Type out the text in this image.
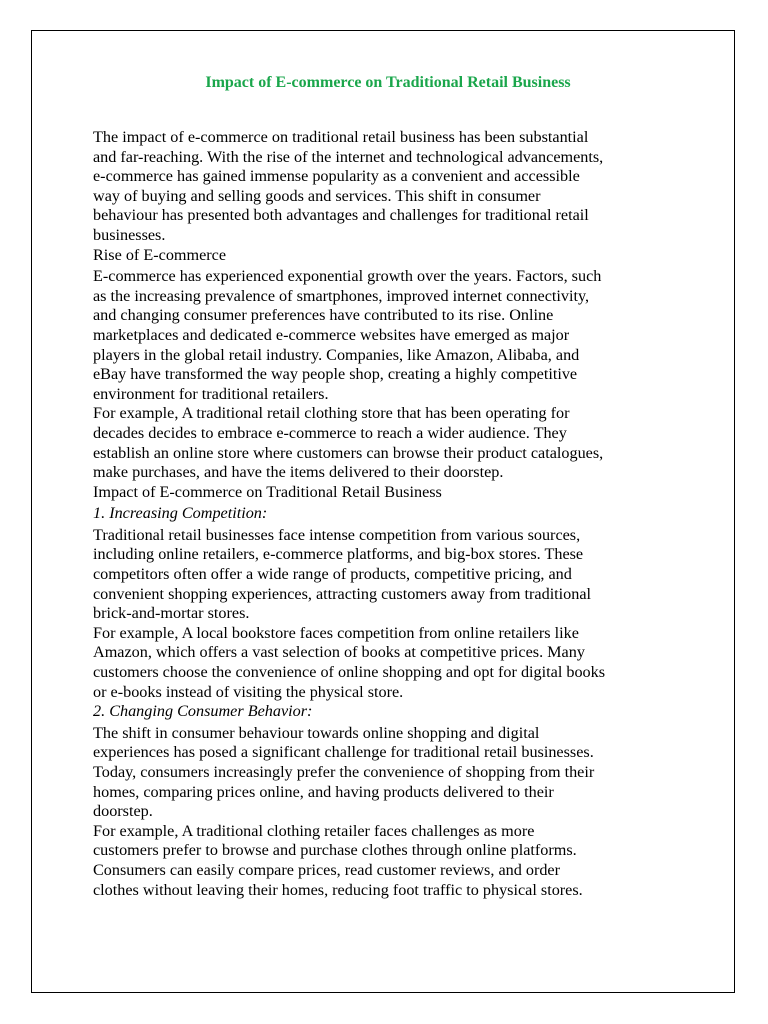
Impact of E-commerce on Traditional Retail Business

The impact of e-commerce on traditional retail business has been substantial
and far-reaching. With the rise of the internet and technological advancements,
e-commerce has gained immense popularity as a convenient and accessible
way of buying and selling goods and services. This shift in consumer
behaviour has presented both advantages and challenges for traditional retail
businesses.

Rise of E-commerce

E-commerce has experienced exponential growth over the years. Factors, such
as the increasing prevalence of smartphones, improved internet connectivity,
and changing consumer preferences have contributed to its rise. Online
marketplaces and dedicated e-commerce websites have emerged as major
players in the global retail industry. Companies, like Amazon, Alibaba, and
eBay have transformed the way people shop, creating a highly competitive
environment for traditional retailers.

For example, A traditional retail clothing store that has been operating for
decades decides to embrace e-commerce to reach a wider audience. They
establish an online store where customers can browse their product catalogues,
make purchases, and have the items delivered to their doorstep.

Impact of E-commerce on Traditional Retail Business

1. Increasing Competition:

Traditional retail businesses face intense competition from various sources,
including online retailers, e-commerce platforms, and big-box stores. These
competitors often offer a wide range of products, competitive pricing, and
convenient shopping experiences, attracting customers away from traditional
brick-and-mortar stores.

For example, A local bookstore faces competition from online retailers like
Amazon, which offers a vast selection of books at competitive prices. Many
customers choose the convenience of online shopping and opt for digital books
or e-books instead of visiting the physical store.

2. Changing Consumer Behavior:

The shift in consumer behaviour towards online shopping and digital
experiences has posed a significant challenge for traditional retail businesses.
Today, consumers increasingly prefer the convenience of shopping from their
homes, comparing prices online, and having products delivered to their
doorstep.

For example, A traditional clothing retailer faces challenges as more
customers prefer to browse and purchase clothes through online platforms.
Consumers can easily compare prices, read customer reviews, and order
clothes without leaving their homes, reducing foot traffic to physical stores.
